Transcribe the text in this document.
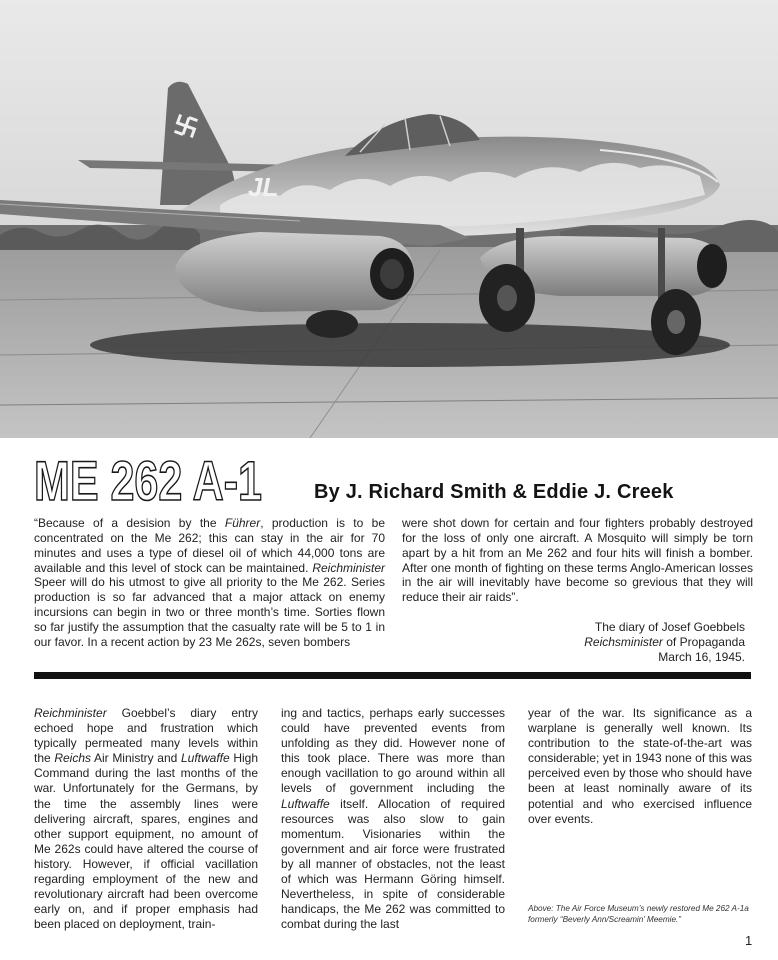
JL
ME 262 A-1	By J. Richard Smith & Eddie J. Creek

“Because of a desision by the Führer, production is to be concentrated on the Me 262; this can stay in the air for 70 minutes and uses a type of diesel oil of which 44,000 tons are available and this level of stock can be maintained. Reichminister Speer will do his utmost to give all priority to the Me 262. Series production is so far advanced that a major attack on enemy incursions can begin in two or three month’s time. Sorties flown so far justify the assumption that the casualty rate will be 5 to 1 in our favor. In a recent action by 23 Me 262s, seven bombers

were shot down for certain and four fighters probably destroyed for the loss of only one aircraft. A Mosquito will simply be torn apart by a hit from an Me 262 and four hits will finish a bomber. After one month of fighting on these terms Anglo-American losses in the air will inevitably have become so grevious that they will reduce their air raids”.

The diary of Josef Goebbels
Reichsminister of Propaganda
March 16, 1945.

Reichminister Goebbel’s diary entry echoed hope and frustration which typically permeated many levels within the Reichs Air Ministry and Luftwaffe High Command during the last months of the war. Unfortunately for the Germans, by the time the assembly lines were delivering aircraft, spares, engines and other support equipment, no amount of Me 262s could have altered the course of history. However, if official vacillation regarding employment of the new and revolutionary aircraft had been overcome early on, and if proper emphasis had been placed on deployment, train-

ing and tactics, perhaps early successes could have prevented events from unfolding as they did. However none of this took place. There was more than enough vacillation to go around within all levels of government including the Luftwaffe itself. Allocation of required resources was also slow to gain momentum. Visionaries within the government and air force were frustrated by all manner of obstacles, not the least of which was Hermann Göring himself. Nevertheless, in spite of considerable handicaps, the Me 262 was committed to combat during the last

year of the war. Its significance as a warplane is generally well known. Its contribution to the state-of-the-art was considerable; yet in 1943 none of this was perceived even by those who should have been at least nominally aware of its potential and who exercised influence over events.

Above: The Air Force Museum’s newly restored Me 262 A-1a formerly “Beverly Ann/Screamin’ Meemie.”
1
